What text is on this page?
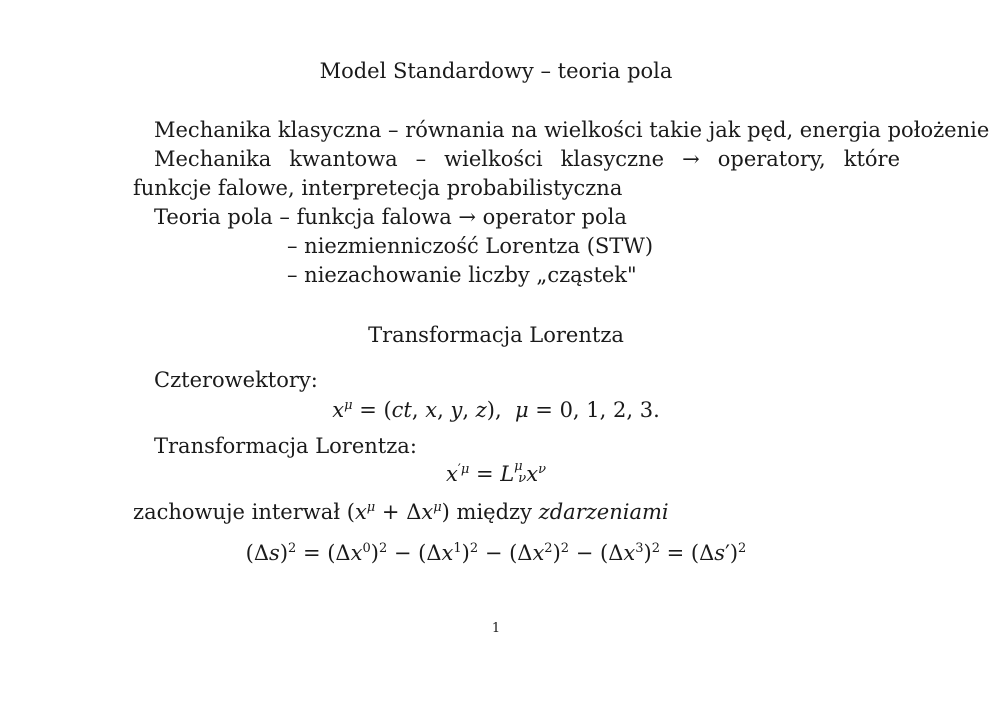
Model Standardowy – teoria pola
Mechanika klasyczna – równania na wielkości takie jak pęd, energia położenie
Mechanika kwantowa – wielkości klasyczne → operatory, które
funkcje falowe, interpretecja probabilistyczna
Teoria pola – funkcja falowa → operator pola
– niezmienniczość Lorentza (STW)
– niezachowanie liczby „cząstek"
Transformacja Lorentza
Czterowektory:
$x^\mu = (ct$, x, y, z),  μ = 0, 1, 2, 3.
Transformacja Lorentza:
$x^{'\mu} = L\mu$
$\nu x^\nu$
zachowuje interwał $(x^\mu + \Delta x^\mu)$ między zdarzeniami
$(\Delta s)^2 = (\Delta x^0)^2 - (\Delta x^1)^2 - (\Delta x^2)^2 - (\Delta x^3)^2 = (\Delta s')^2$
1
